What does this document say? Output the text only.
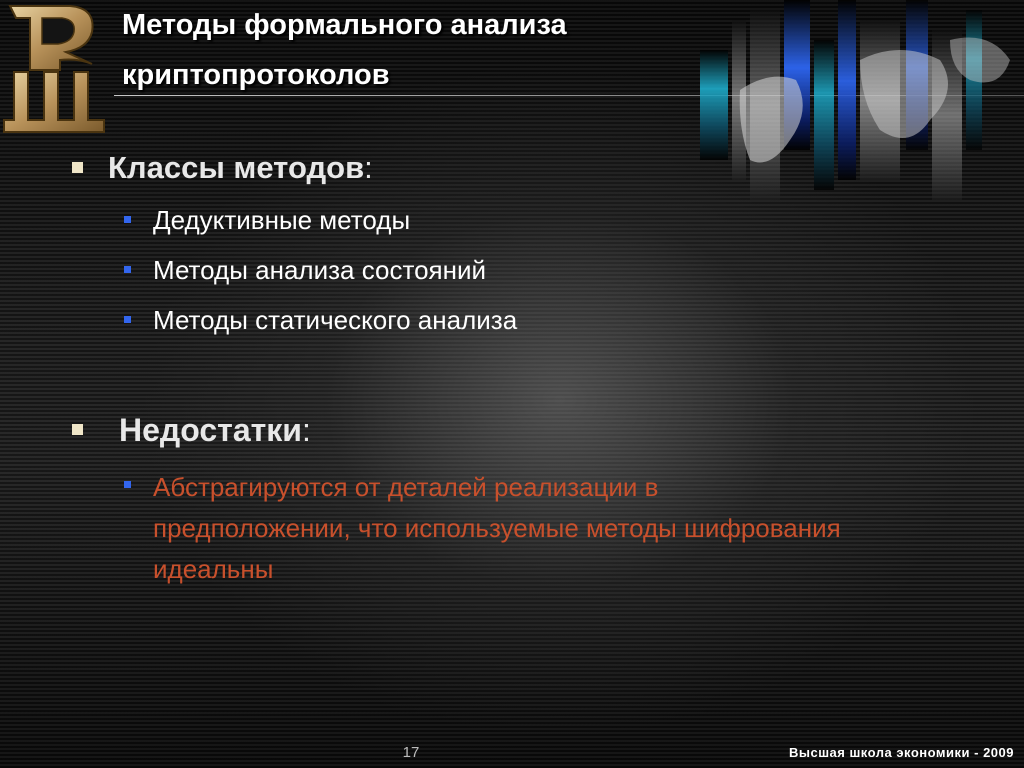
Методы формального анализа
криптопротоколов
Классы методов:
Дедуктивные методы
Методы анализа состояний
Методы статического анализа
Недостатки:
Абстрагируются от деталей реализации в предположении, что используемые методы шифрования идеальны
17	Высшая школа экономики - 2009
